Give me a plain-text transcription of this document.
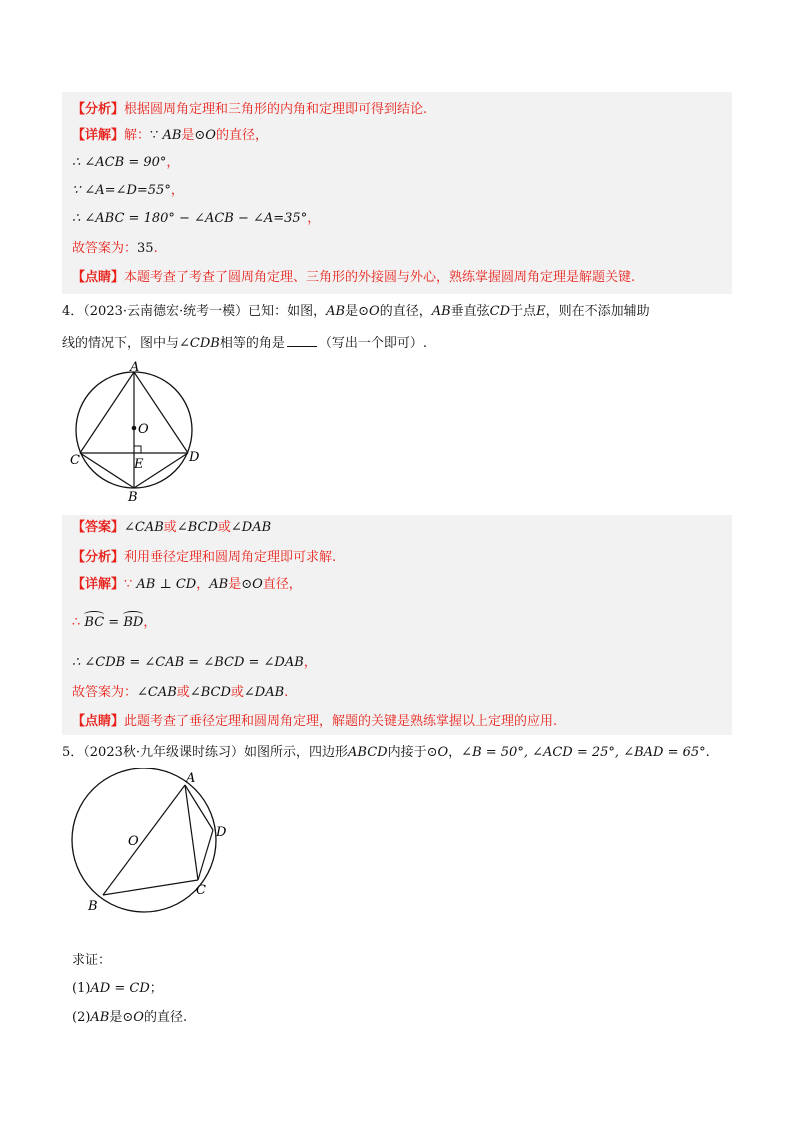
【分析】根据圆周角定理和三角形的内角和定理即可得到结论.
【详解】解：∵ AB是⊙O的直径，
∴ ∠ACB = 90°，
∵ ∠A=∠D=55°，
∴ ∠ABC = 180° − ∠ACB − ∠A=35°，
故答案为：35.
【点睛】本题考查了考查了圆周角定理、三角形的外接圆与外心，熟练掌握圆周角定理是解题关键.
4．（2023·云南德宏·统考一模）已知：如图，AB是⊙O的直径，AB垂直弦CD于点E，则在不添加辅助
线的情况下，图中与∠CDB相等的角是	（写出一个即可）.
A
O
C	E	D
B
【答案】∠CAB或∠BCD或∠DAB
【分析】利用垂径定理和圆周角定理即可求解.
【详解】∵ AB ⊥ CD，AB是⊙O直径，
∴ BC = BD，
∴ ∠CDB = ∠CAB = ∠BCD = ∠DAB，
故答案为：∠CAB或∠BCD或∠DAB.
【点睛】此题考查了垂径定理和圆周角定理，解题的关键是熟练掌握以上定理的应用.
5．（2023秋·九年级课时练习）如图所示，四边形ABCD内接于⊙O，∠B = 50°, ∠ACD = 25°, ∠BAD = 65°.
A
O
D
C
B
求证：
(1)AD = CD；
(2)AB是⊙O的直径.
